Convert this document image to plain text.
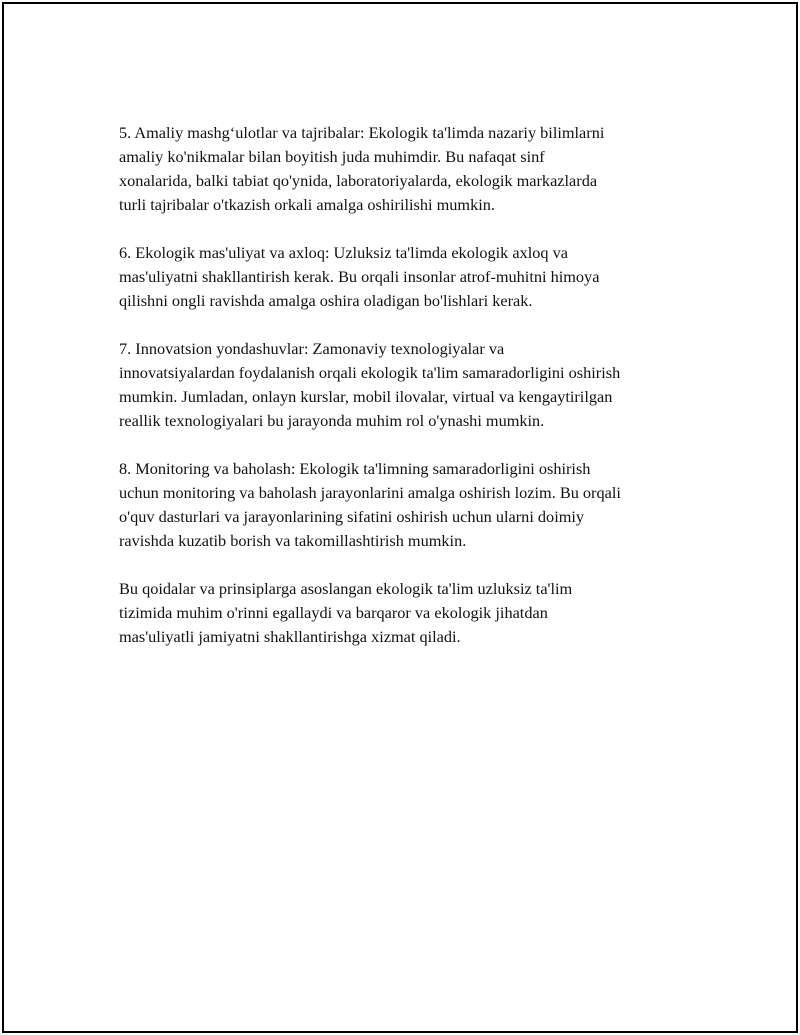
5. Amaliy mashg‘ulotlar va tajribalar: Ekologik ta'limda nazariy bilimlarni
amaliy ko'nikmalar bilan boyitish juda muhimdir. Bu nafaqat sinf
xonalarida, balki tabiat qo'ynida, laboratoriyalarda, ekologik markazlarda
turli tajribalar o'tkazish orkali amalga oshirilishi mumkin.

6. Ekologik mas'uliyat va axloq: Uzluksiz ta'limda ekologik axloq va
mas'uliyatni shakllantirish kerak. Bu orqali insonlar atrof-muhitni himoya
qilishni ongli ravishda amalga oshira oladigan bo'lishlari kerak.

7. Innovatsion yondashuvlar: Zamonaviy texnologiyalar va
innovatsiyalardan foydalanish orqali ekologik ta'lim samaradorligini oshirish
mumkin. Jumladan, onlayn kurslar, mobil ilovalar, virtual va kengaytirilgan
reallik texnologiyalari bu jarayonda muhim rol o'ynashi mumkin.

8. Monitoring va baholash: Ekologik ta'limning samaradorligini oshirish
uchun monitoring va baholash jarayonlarini amalga oshirish lozim. Bu orqali
o'quv dasturlari va jarayonlarining sifatini oshirish uchun ularni doimiy
ravishda kuzatib borish va takomillashtirish mumkin.

Bu qoidalar va prinsiplarga asoslangan ekologik ta'lim uzluksiz ta'lim
tizimida muhim o'rinni egallaydi va barqaror va ekologik jihatdan
mas'uliyatli jamiyatni shakllantirishga xizmat qiladi.
